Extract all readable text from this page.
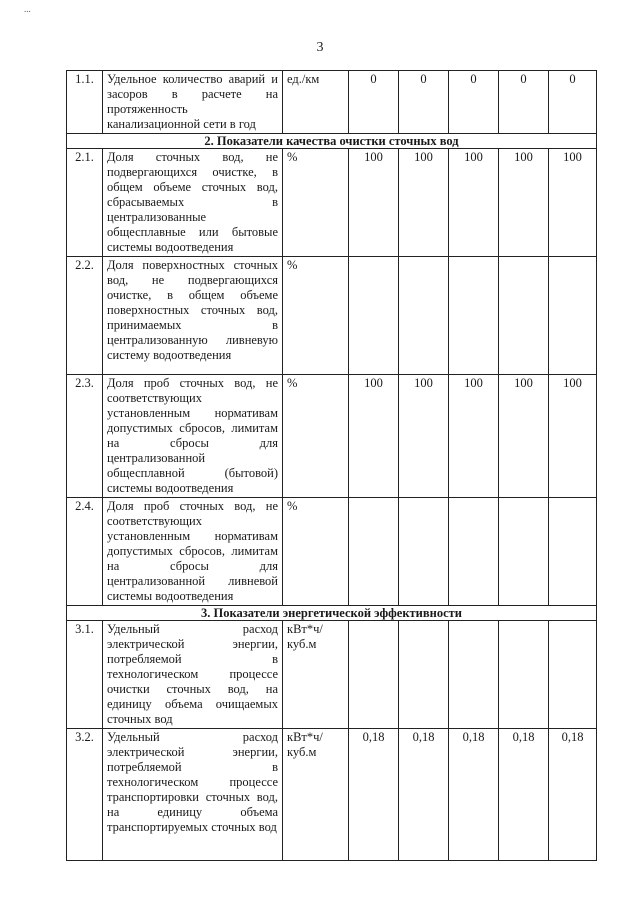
...
3
1.1.	Удельное количество аварий и засоров в расчете на протяженность канализационной сети в год	ед./км	0	0	0	0	0
2. Показатели качества очистки сточных вод							
2.1.	Доля сточных вод, не подвергающихся очистке, в общем объеме сточных вод, сбрасываемых в централизованные общесплавные или бытовые системы водоотведения	%	100	100	100	100	100
2.2.	Доля поверхностных сточных вод, не подвергающихся очистке, в общем объеме поверхностных сточных вод, принимаемых в централизованную ливневую систему водоотведения	%					
2.3.	Доля проб сточных вод, не соответствующих установленным нормативам допустимых сбросов, лимитам на сбросы для централизованной общесплавной (бытовой) системы водоотведения	%	100	100	100	100	100
2.4.	Доля проб сточных вод, не соответствующих установленным нормативам допустимых сбросов, лимитам на сбросы для централизованной ливневой системы водоотведения	%					
3. Показатели энергетической эффективности							
3.1.	Удельный расход электрической энергии, потребляемой в технологическом процессе очистки сточных вод, на единицу объема очищаемых сточных вод	кВт*ч/ куб.м					
3.2.	Удельный расход электрической энергии, потребляемой в технологическом процессе транспортировки сточных вод, на единицу объема транспортируемых сточных вод	кВт*ч/ куб.м	0,18	0,18	0,18	0,18	0,18
